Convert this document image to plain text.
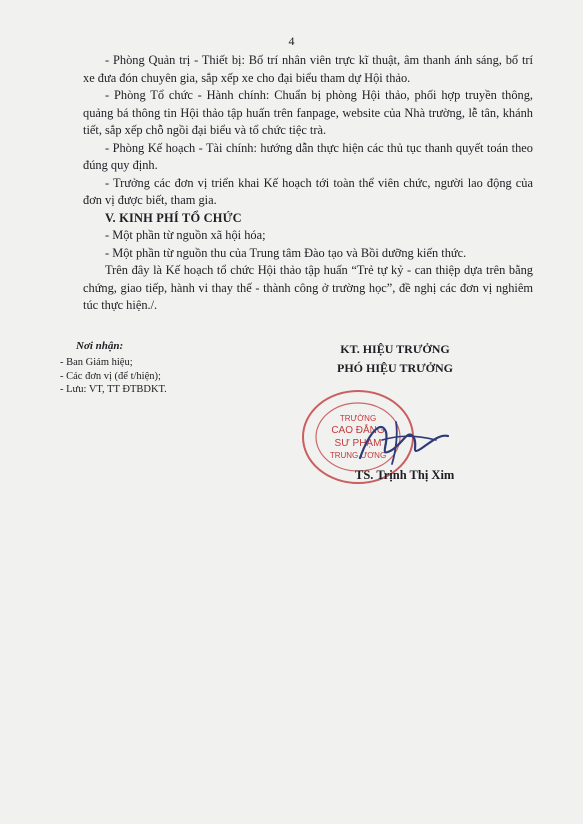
4

- Phòng Quản trị - Thiết bị: Bố trí nhân viên trực kĩ thuật, âm thanh ánh sáng, bố trí xe đưa đón chuyên gia, sắp xếp xe cho đại biểu tham dự Hội thảo.

- Phòng Tổ chức - Hành chính: Chuẩn bị phòng Hội thảo, phối hợp truyền thông, quảng bá thông tin Hội thảo tập huấn trên fanpage, website của Nhà trường, lễ tân, khánh tiết, sắp xếp chỗ ngồi đại biểu và tổ chức tiệc trà.

- Phòng Kế hoạch - Tài chính: hướng dẫn thực hiện các thủ tục thanh quyết toán theo đúng quy định.

- Trưởng các đơn vị triển khai Kế hoạch tới toàn thể viên chức, người lao động của đơn vị được biết, tham gia.

V. KINH PHÍ TỔ CHỨC

- Một phần từ nguồn xã hội hóa;

- Một phần từ nguồn thu của Trung tâm Đào tạo và Bồi dưỡng kiến thức.

Trên đây là Kế hoạch tổ chức Hội thảo tập huấn “Trẻ tự kỷ - can thiệp dựa trên bằng chứng, giao tiếp, hành vi thay thế - thành công ở trường học”, đề nghị các đơn vị nghiêm túc thực hiện./.

Nơi nhận:
- Ban Giám hiệu;
- Các đơn vị (để t/hiện);
- Lưu: VT, TT ĐTBDKT.
KT. HIỆU TRƯỞNG
PHÓ HIỆU TRƯỞNG
TRƯỜNG
CAO ĐẲNG
SƯ PHẠM
TRUNG ƯƠNG
TS. Trịnh Thị Xim
